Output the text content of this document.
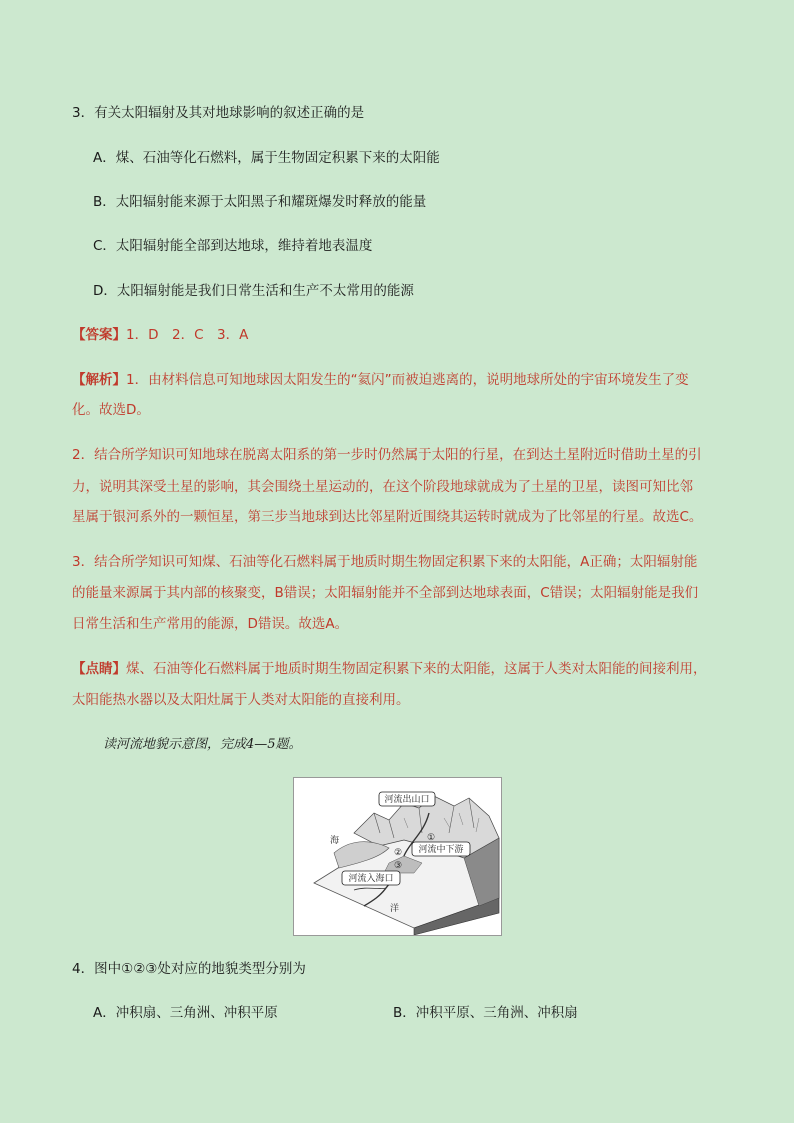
3．有关太阳辐射及其对地球影响的叙述正确的是
A．煤、石油等化石燃料，属于生物固定积累下来的太阳能
B．太阳辐射能来源于太阳黑子和耀斑爆发时释放的能量
C．太阳辐射能全部到达地球，维持着地表温度
D．太阳辐射能是我们日常生活和生产不太常用的能源
【答案】1．D　2．C　3．A
【解析】1．由材料信息可知地球因太阳发生的“氦闪”而被迫逃离的，说明地球所处的宇宙环境发生了变
化。故选D。
2．结合所学知识可知地球在脱离太阳系的第一步时仍然属于太阳的行星，在到达土星附近时借助土星的引
力，说明其深受土星的影响，其会围绕土星运动的，在这个阶段地球就成为了土星的卫星，读图可知比邻
星属于银河系外的一颗恒星，第三步当地球到达比邻星附近围绕其运转时就成为了比邻星的行星。故选C。
3．结合所学知识可知煤、石油等化石燃料属于地质时期生物固定积累下来的太阳能，A正确；太阳辐射能
的能量来源属于其内部的核聚变，B错误；太阳辐射能并不全部到达地球表面，C错误；太阳辐射能是我们
日常生活和生产常用的能源，D错误。故选A。
【点睛】煤、石油等化石燃料属于地质时期生物固定积累下来的太阳能，这属于人类对太阳能的间接利用，
太阳能热水器以及太阳灶属于人类对太阳能的直接利用。
读河流地貌示意图，完成4—5题。
河流出山口
河流中下游
河流入海口
①
②
③
海
洋
4．图中①②③处对应的地貌类型分别为
A．冲积扇、三角洲、冲积平原	B．冲积平原、三角洲、冲积扇
